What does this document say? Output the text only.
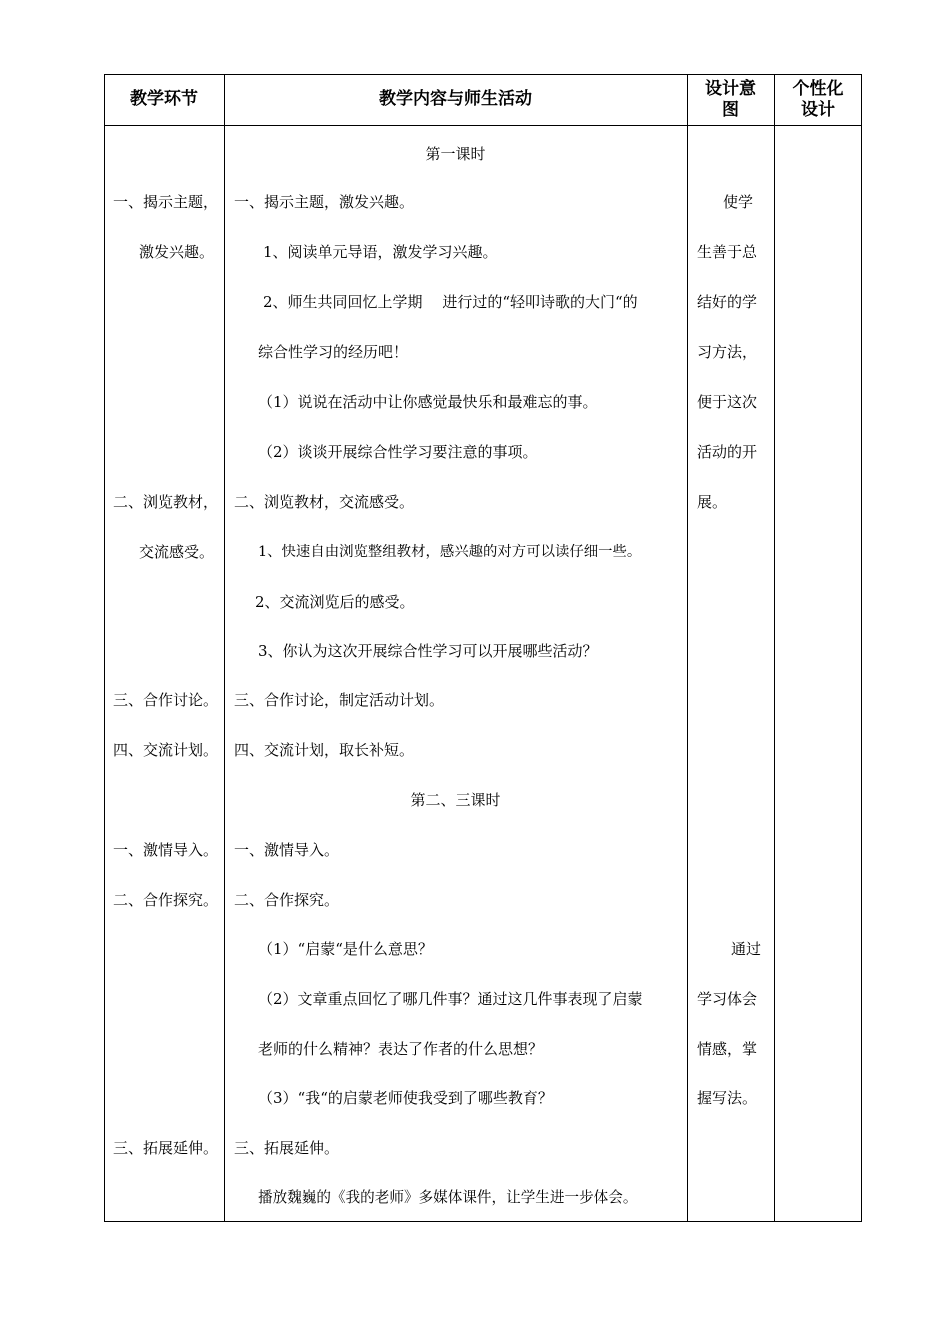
教学环节	教学内容与师生活动
设计意
图
个性化
设计
一、揭示主题，
激发兴趣。
二、浏览教材，
交流感受。
三、合作讨论。
四、交流计划。
一、激情导入。
二、合作探究。
三、拓展延伸。
第一课时
一、揭示主题，激发兴趣。
1、阅读单元导语，激发学习兴趣。
2、师生共同回忆上学期　 进行过的“轻叩诗歌的大门“的
综合性学习的经历吧！
（1）说说在活动中让你感觉最快乐和最难忘的事。
（2）谈谈开展综合性学习要注意的事项。
二、浏览教材，交流感受。
1、快速自由浏览整组教材，感兴趣的对方可以读仔细一些。
2、交流浏览后的感受。
3、你认为这次开展综合性学习可以开展哪些活动？
三、合作讨论，制定活动计划。
四、交流计划，取长补短。
第二、三课时
一、激情导入。
二、合作探究。
（1）“启蒙“是什么意思？
（2）文章重点回忆了哪几件事？通过这几件事表现了启蒙
老师的什么精神？表达了作者的什么思想？
（3）“我“的启蒙老师使我受到了哪些教育？
三、拓展延伸。
播放魏巍的《我的老师》多媒体课件，让学生进一步体会。
使学
生善于总
结好的学
习方法，
便于这次
活动的开
展。
通过
学习体会
情感，掌
握写法。
